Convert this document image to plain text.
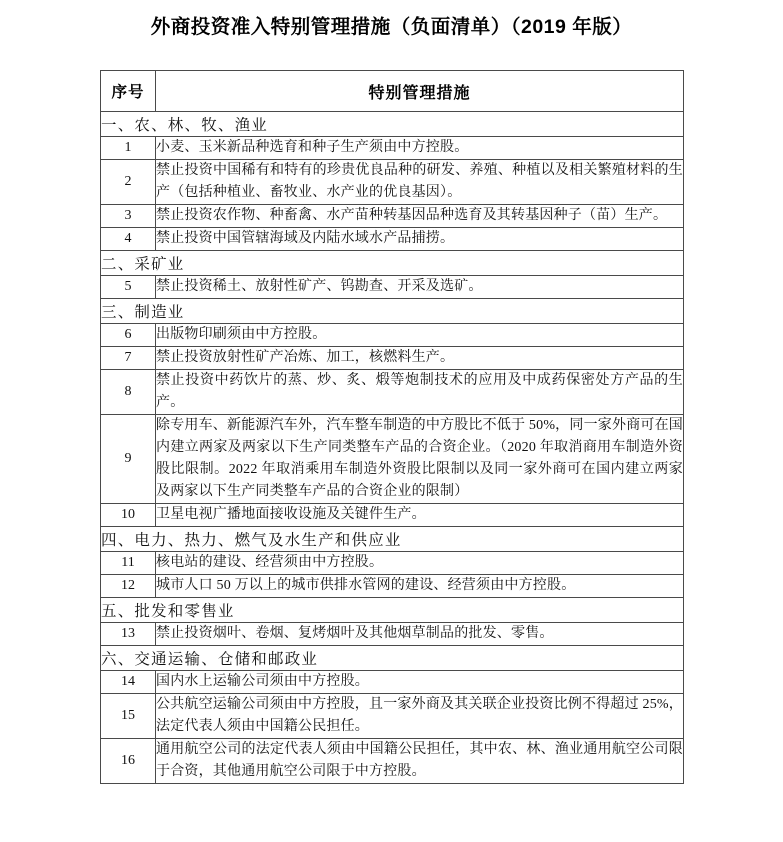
外商投资准入特别管理措施（负面清单）（2019 年版）
序号	特别管理措施
一、农、林、牧、渔业	
1	小麦、玉米新品种选育和种子生产须由中方控股。
2	禁止投资中国稀有和特有的珍贵优良品种的研发、养殖、种植以及相关繁殖材料的生产（包括种植业、畜牧业、水产业的优良基因）。
3	禁止投资农作物、种畜禽、水产苗种转基因品种选育及其转基因种子（苗）生产。
4	禁止投资中国管辖海域及内陆水域水产品捕捞。
二、采矿业	
5	禁止投资稀土、放射性矿产、钨勘查、开采及选矿。
三、制造业	
6	出版物印刷须由中方控股。
7	禁止投资放射性矿产冶炼、加工，核燃料生产。
8	禁止投资中药饮片的蒸、炒、炙、煅等炮制技术的应用及中成药保密处方产品的生产。
9	除专用车、新能源汽车外，汽车整车制造的中方股比不低于 50%，同一家外商可在国内建立两家及两家以下生产同类整车产品的合资企业。（2020 年取消商用车制造外资股比限制。2022 年取消乘用车制造外资股比限制以及同一家外商可在国内建立两家及两家以下生产同类整车产品的合资企业的限制）
10	卫星电视广播地面接收设施及关键件生产。
四、电力、热力、燃气及水生产和供应业	
11	核电站的建设、经营须由中方控股。
12	城市人口 50 万以上的城市供排水管网的建设、经营须由中方控股。
五、批发和零售业	
13	禁止投资烟叶、卷烟、复烤烟叶及其他烟草制品的批发、零售。
六、交通运输、仓储和邮政业	
14	国内水上运输公司须由中方控股。
15	公共航空运输公司须由中方控股，且一家外商及其关联企业投资比例不得超过 25%，法定代表人须由中国籍公民担任。
16	通用航空公司的法定代表人须由中国籍公民担任，其中农、林、渔业通用航空公司限于合资，其他通用航空公司限于中方控股。
